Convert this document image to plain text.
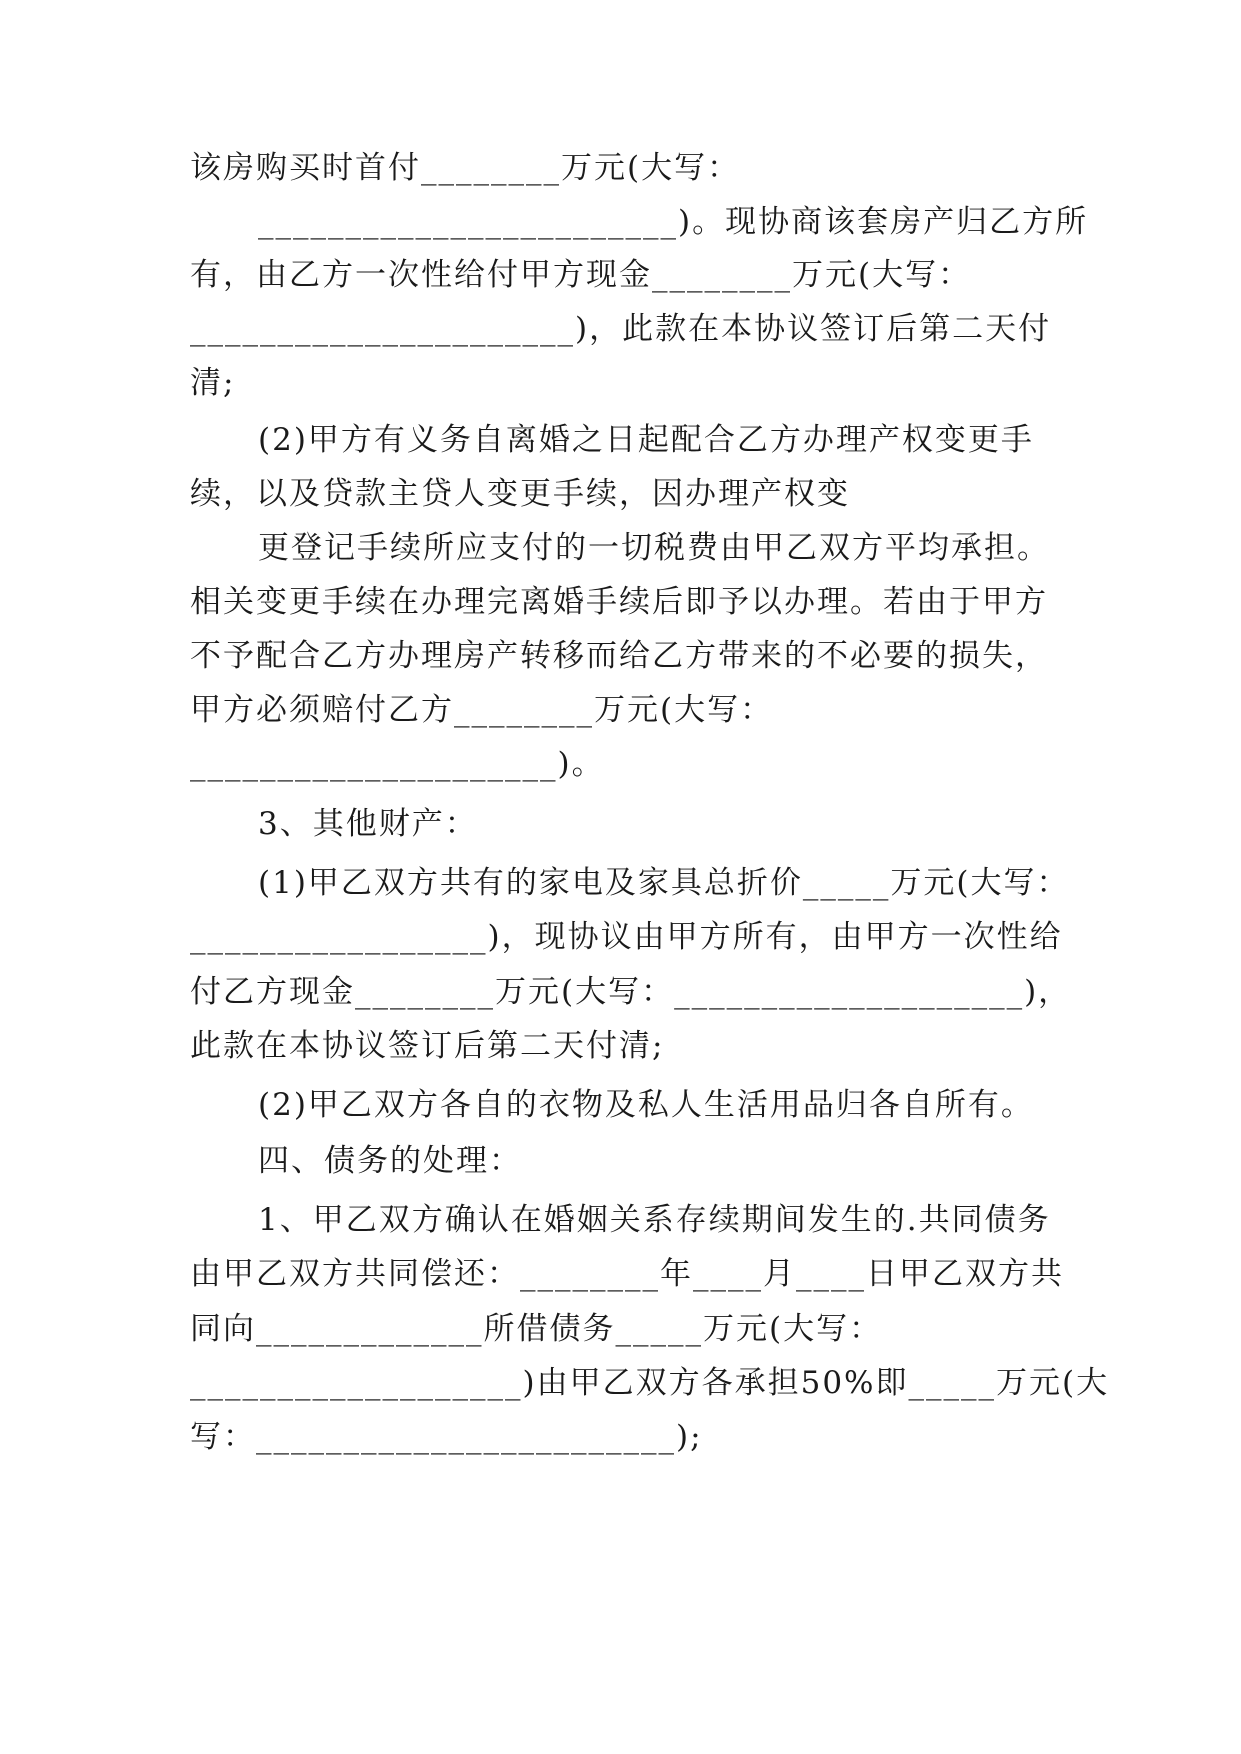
该房购买时首付________万元(大写：
________________________)。现协商该套房产归乙方所
有，由乙方一次性给付甲方现金________万元(大写：
______________________)，此款在本协议签订后第二天付
清;
(2)甲方有义务自离婚之日起配合乙方办理产权变更手
续，以及贷款主贷人变更手续，因办理产权变
更登记手续所应支付的一切税费由甲乙双方平均承担。
相关变更手续在办理完离婚手续后即予以办理。若由于甲方
不予配合乙方办理房产转移而给乙方带来的不必要的损失，
甲方必须赔付乙方________万元(大写：
_____________________)。
3、其他财产：
(1)甲乙双方共有的家电及家具总折价_____万元(大写：
_________________)，现协议由甲方所有，由甲方一次性给
付乙方现金________万元(大写：____________________)，
此款在本协议签订后第二天付清;
(2)甲乙双方各自的衣物及私人生活用品归各自所有。
四、债务的处理：
1、甲乙双方确认在婚姻关系存续期间发生的.共同债务
由甲乙双方共同偿还：________年____月____日甲乙双方共
同向_____________所借债务_____万元(大写：
___________________)由甲乙双方各承担50%即_____万元(大
写：________________________);
